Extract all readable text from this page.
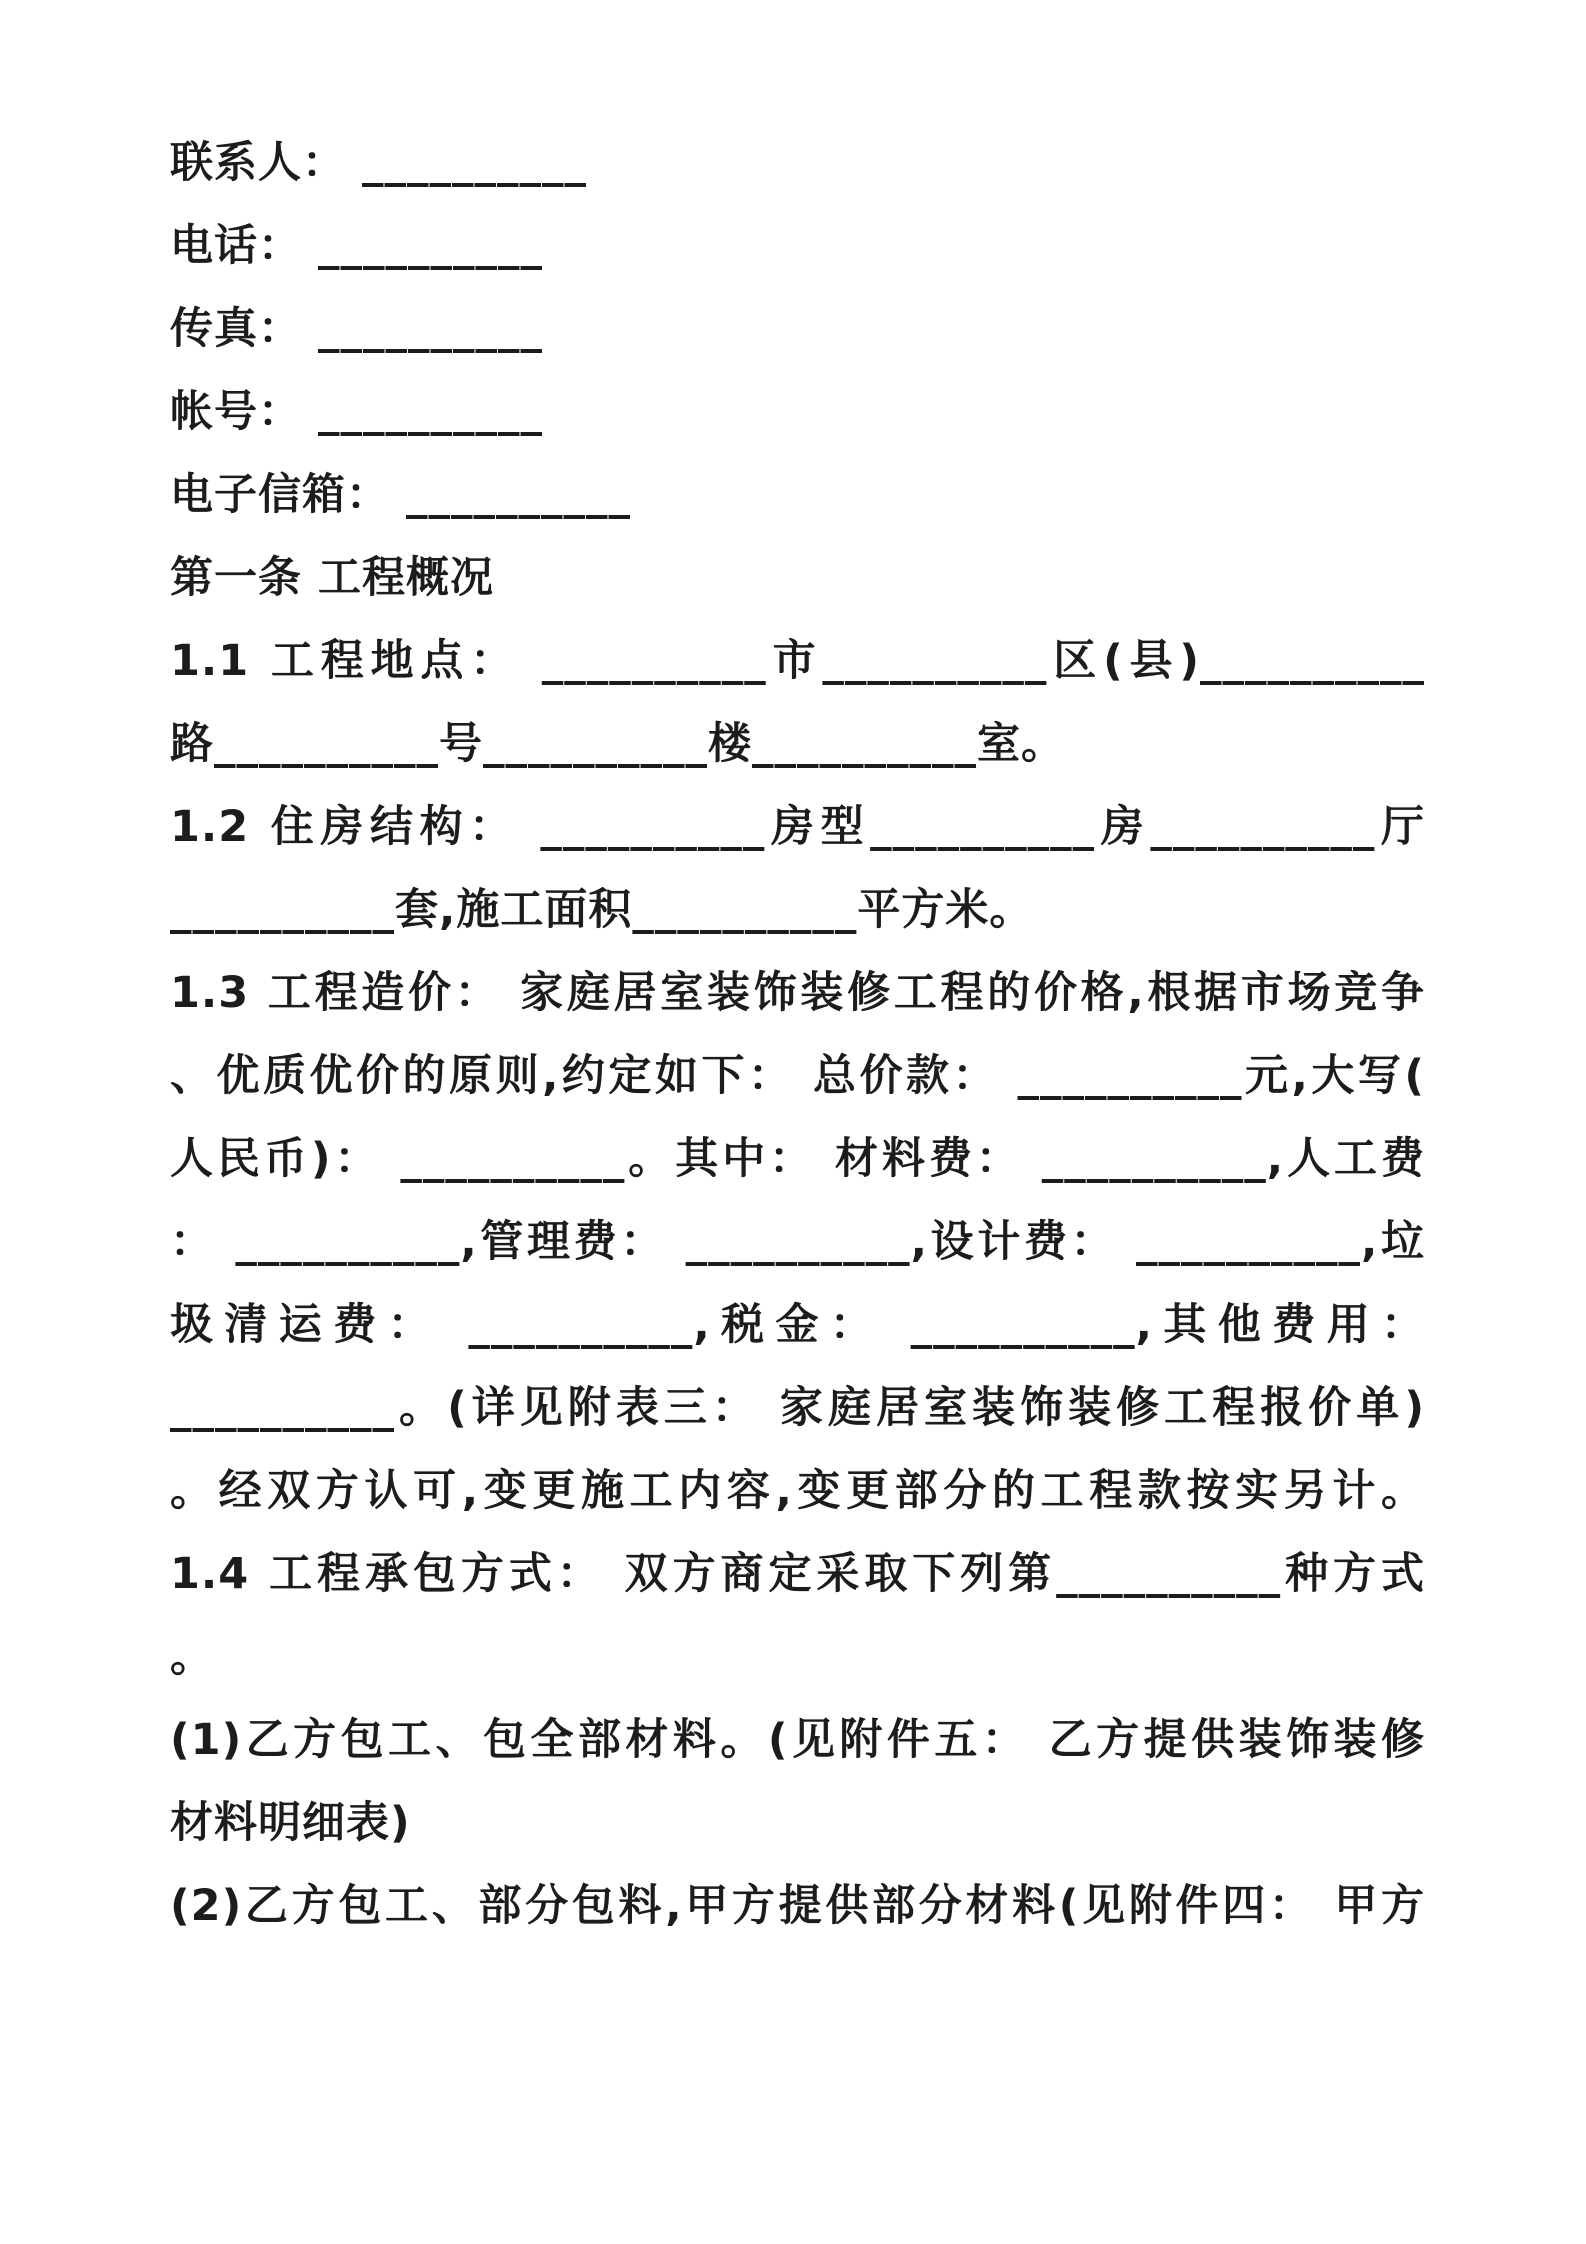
联系人： __________

电话： __________

传真： __________

帐号： __________

电子信箱： __________

第一条 工程概况

1.1 工程地点： __________市__________区(县)__________

路__________号__________楼__________室。

1.2 住房结构： __________房型__________房__________厅

__________套,施工面积__________平方米。

1.3 工程造价： 家庭居室装饰装修工程的价格,根据市场竞争

、优质优价的原则,约定如下： 总价款： __________元,大写(

人民币)： __________。其中： 材料费： __________,人工费

： __________,管理费： __________,设计费： __________,垃

圾清运费： __________,税金： __________,其他费用：

__________。(详见附表三： 家庭居室装饰装修工程报价单)

。经双方认可,变更施工内容,变更部分的工程款按实另计。

1.4 工程承包方式： 双方商定采取下列第__________种方式

。

(1)乙方包工、包全部材料。(见附件五： 乙方提供装饰装修

材料明细表)

(2)乙方包工、部分包料,甲方提供部分材料(见附件四： 甲方
